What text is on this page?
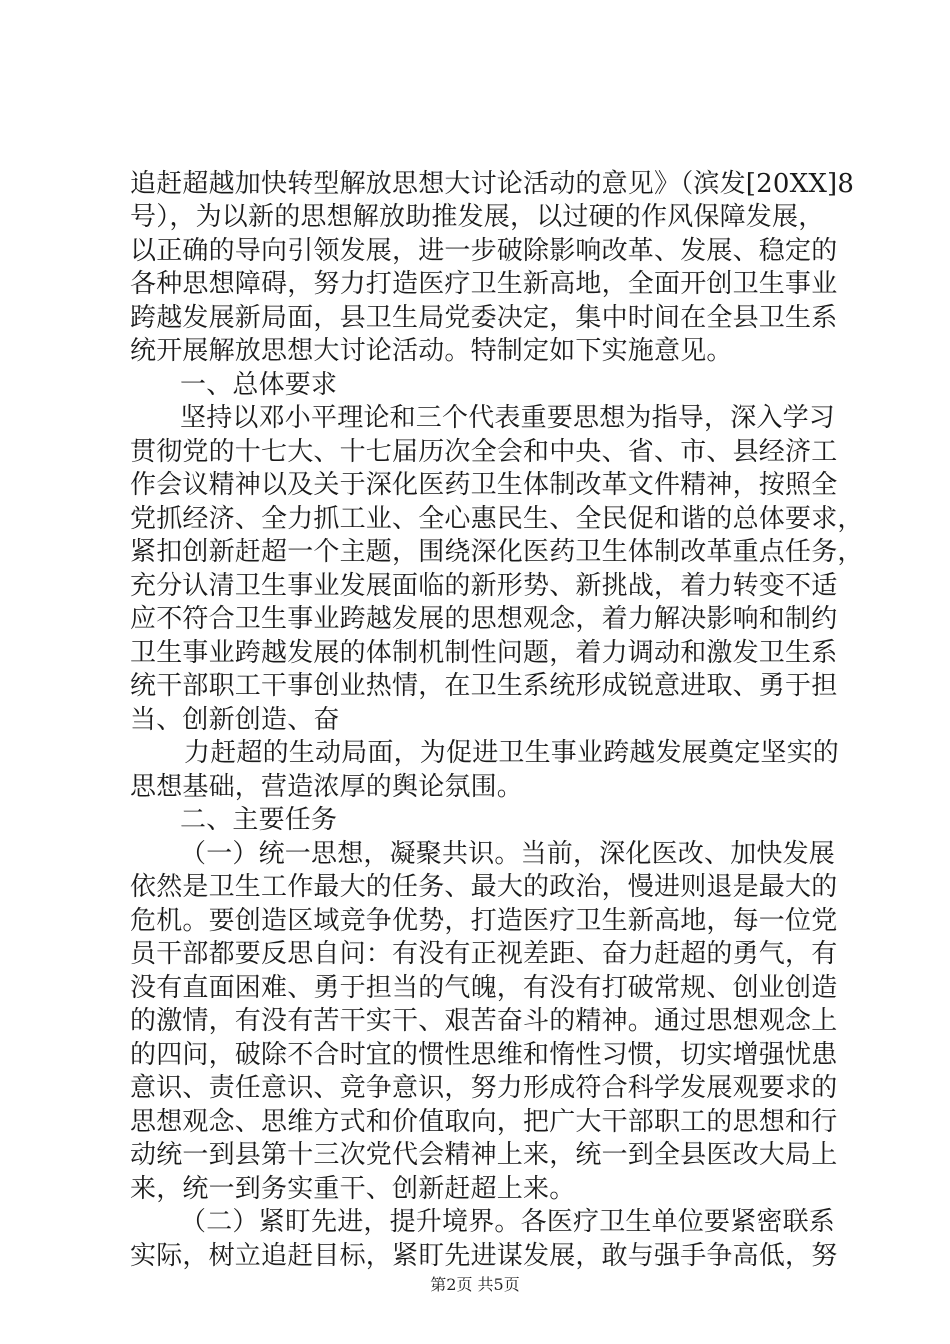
追赶超越加快转型解放思想大讨论活动的意见》（滨发[20XX]8
号），为以新的思想解放助推发展，以过硬的作风保障发展，
以正确的导向引领发展，进一步破除影响改革、发展、稳定的
各种思想障碍，努力打造医疗卫生新高地，全面开创卫生事业
跨越发展新局面，县卫生局党委决定，集中时间在全县卫生系
统开展解放思想大讨论活动。特制定如下实施意见。
一、总体要求
坚持以邓小平理论和三个代表重要思想为指导，深入学习
贯彻党的十七大、十七届历次全会和中央、省、市、县经济工
作会议精神以及关于深化医药卫生体制改革文件精神，按照全
党抓经济、全力抓工业、全心惠民生、全民促和谐的总体要求，
紧扣创新赶超一个主题，围绕深化医药卫生体制改革重点任务，
充分认清卫生事业发展面临的新形势、新挑战，着力转变不适
应不符合卫生事业跨越发展的思想观念，着力解决影响和制约
卫生事业跨越发展的体制机制性问题，着力调动和激发卫生系
统干部职工干事创业热情，在卫生系统形成锐意进取、勇于担
当、创新创造、奋
力赶超的生动局面，为促进卫生事业跨越发展奠定坚实的
思想基础，营造浓厚的舆论氛围。
二、主要任务
（一）统一思想，凝聚共识。当前，深化医改、加快发展
依然是卫生工作最大的任务、最大的政治，慢进则退是最大的
危机。要创造区域竞争优势，打造医疗卫生新高地，每一位党
员干部都要反思自问：有没有正视差距、奋力赶超的勇气，有
没有直面困难、勇于担当的气魄，有没有打破常规、创业创造
的激情，有没有苦干实干、艰苦奋斗的精神。通过思想观念上
的四问，破除不合时宜的惯性思维和惰性习惯，切实增强忧患
意识、责任意识、竞争意识，努力形成符合科学发展观要求的
思想观念、思维方式和价值取向，把广大干部职工的思想和行
动统一到县第十三次党代会精神上来，统一到全县医改大局上
来，统一到务实重干、创新赶超上来。
（二）紧盯先进，提升境界。各医疗卫生单位要紧密联系
实际，树立追赶目标，紧盯先进谋发展，敢与强手争高低，努
第2页 共5页
